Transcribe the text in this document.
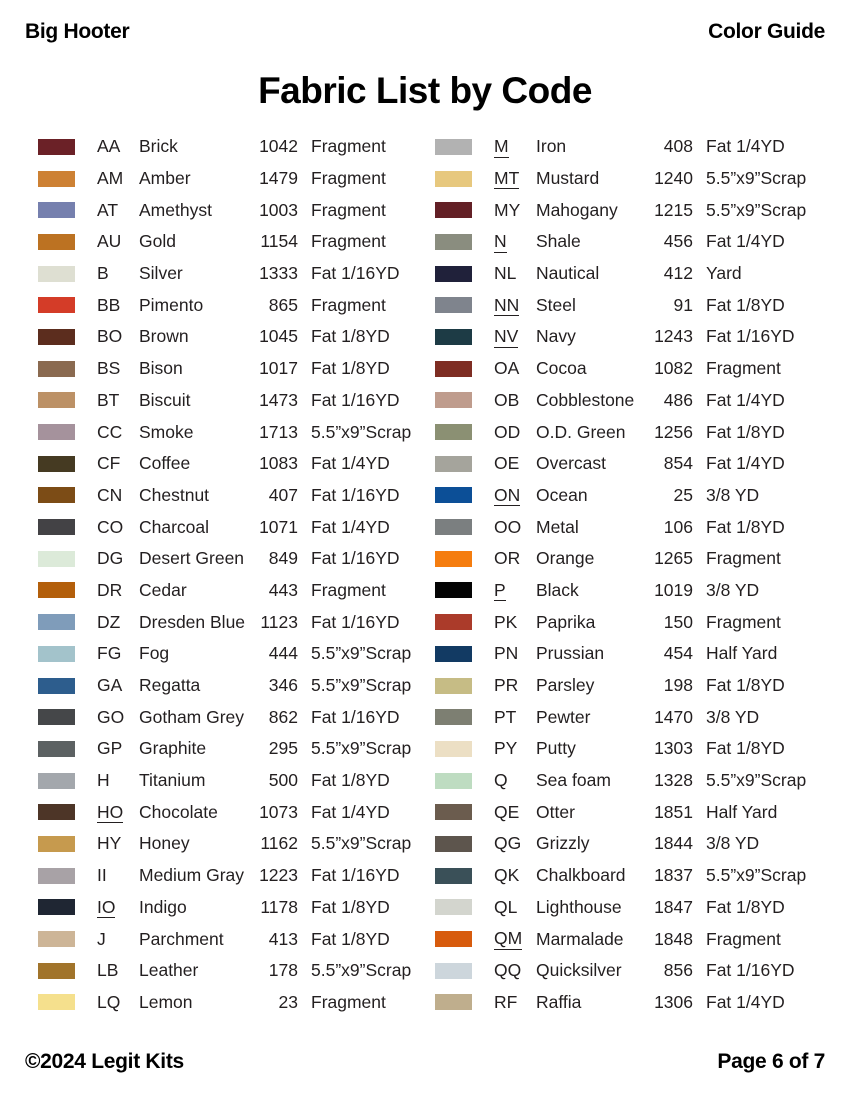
Big Hooter	Color Guide
Fabric List by Code
AA	Brick	1042 Fragment
AM Amber	1479 Fragment
AT	Amethyst	1003 Fragment
AU	Gold	1154 Fragment
B	Silver	1333 Fat 1/16YD
BB	Pimento	865 Fragment
BO Brown	1045 Fat 1/8YD
BS	Bison	1017 Fat 1/8YD
BT	Biscuit	1473 Fat 1/16YD
CC Smoke	1713 5.5”x9”Scrap
CF	Coffee	1083 Fat 1/4YD
CN Chestnut	407 Fat 1/16YD
CO Charcoal	1071 Fat 1/4YD
DG Desert Green	849 Fat 1/16YD
DR Cedar	443 Fragment
DZ	Dresden Blue 1123 Fat 1/16YD
FG	Fog	444 5.5”x9”Scrap
GA Regatta	346 5.5”x9”Scrap
GO Gotham Grey	862 Fat 1/16YD
GP Graphite	295 5.5”x9”Scrap
H	Titanium	500 Fat 1/8YD
HO Chocolate	1073 Fat 1/4YD
HY	Honey	1162 5.5”x9”Scrap
II	Medium Gray 1223 Fat 1/16YD
IO	Indigo	1178 Fat 1/8YD
J	Parchment	413 Fat 1/8YD
LB	Leather	178 5.5”x9”Scrap
LQ	Lemon	23 Fragment
M	Iron	408 Fat 1/4YD
MT Mustard	1240 5.5”x9”Scrap
MY Mahogany	1215 5.5”x9”Scrap
N	Shale	456 Fat 1/4YD
NL	Nautical	412 Yard
NN Steel	91 Fat 1/8YD
NV	Navy	1243 Fat 1/16YD
OA Cocoa	1082 Fragment
OB Cobblestone	486 Fat 1/4YD
OD O.D. Green	1256 Fat 1/8YD
OE Overcast	854 Fat 1/4YD
ON Ocean	25 3/8 YD
OO Metal	106 Fat 1/8YD
OR Orange	1265 Fragment
P	Black	1019 3/8 YD
PK	Paprika	150 Fragment
PN	Prussian	454 Half Yard
PR	Parsley	198 Fat 1/8YD
PT	Pewter	1470 3/8 YD
PY	Putty	1303 Fat 1/8YD
Q	Sea foam	1328 5.5”x9”Scrap
QE Otter	1851 Half Yard
QG Grizzly	1844 3/8 YD
QK Chalkboard	1837 5.5”x9”Scrap
QL	Lighthouse	1847 Fat 1/8YD
QM Marmalade	1848 Fragment
QQ Quicksilver	856 Fat 1/16YD
RF	Raffia	1306 Fat 1/4YD
©2024 Legit Kits	Page 6 of 7
